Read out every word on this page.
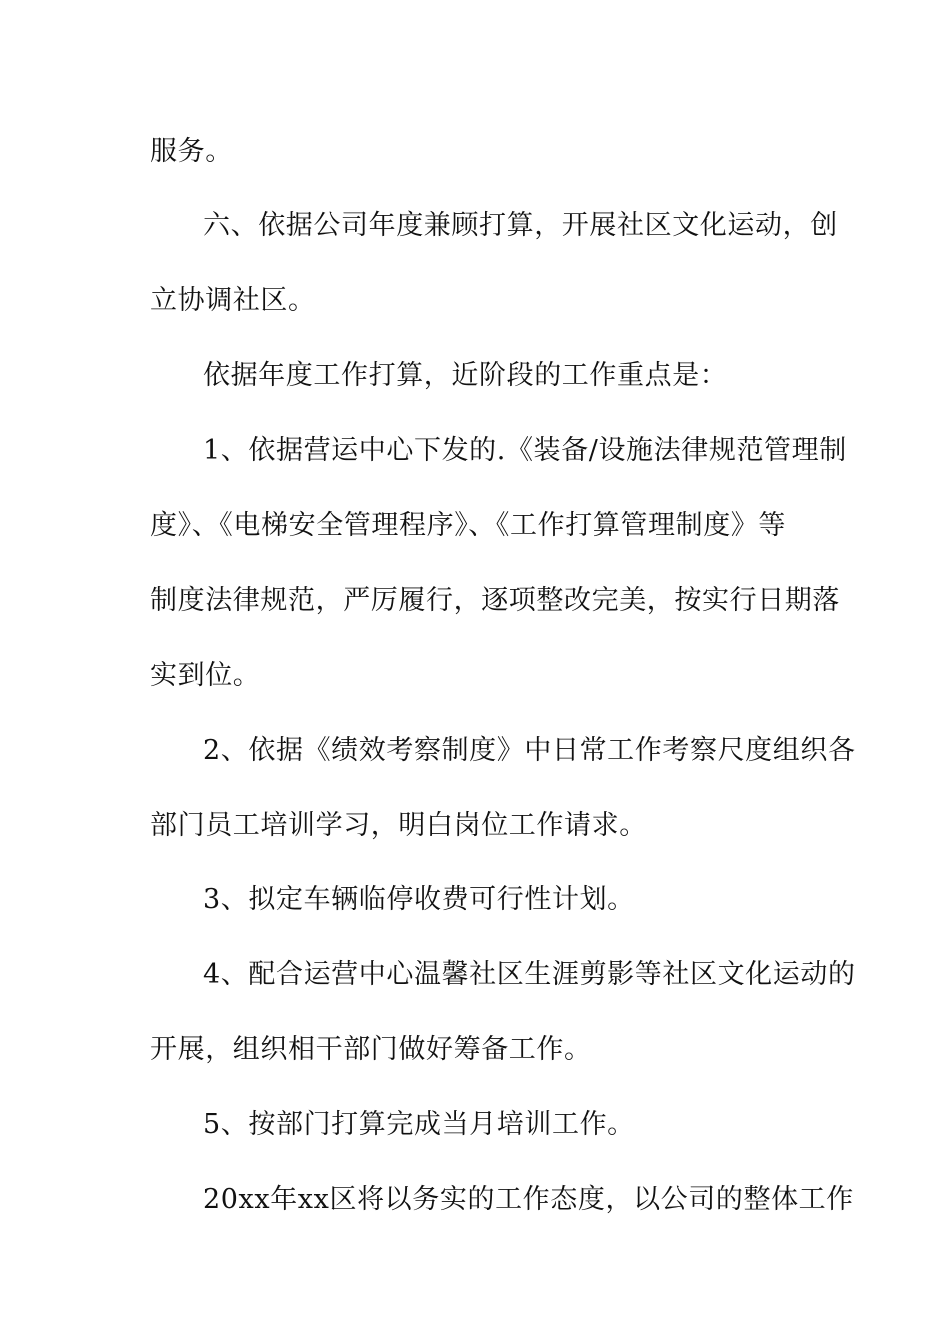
服务。
六、依据公司年度兼顾打算，开展社区文化运动，创
立协调社区。
依据年度工作打算，近阶段的工作重点是：
1、依据营运中心下发的.《装备/设施法律规范管理制
度》、《电梯安全管理程序》、《工作打算管理制度》等
制度法律规范，严厉履行，逐项整改完美，按实行日期落
实到位。
2、依据《绩效考察制度》中日常工作考察尺度组织各
部门员工培训学习，明白岗位工作请求。
3、拟定车辆临停收费可行性计划。
4、配合运营中心温馨社区生涯剪影等社区文化运动的
开展，组织相干部门做好筹备工作。
5、按部门打算完成当月培训工作。
20xx年xx区将以务实的工作态度，以公司的整体工作
